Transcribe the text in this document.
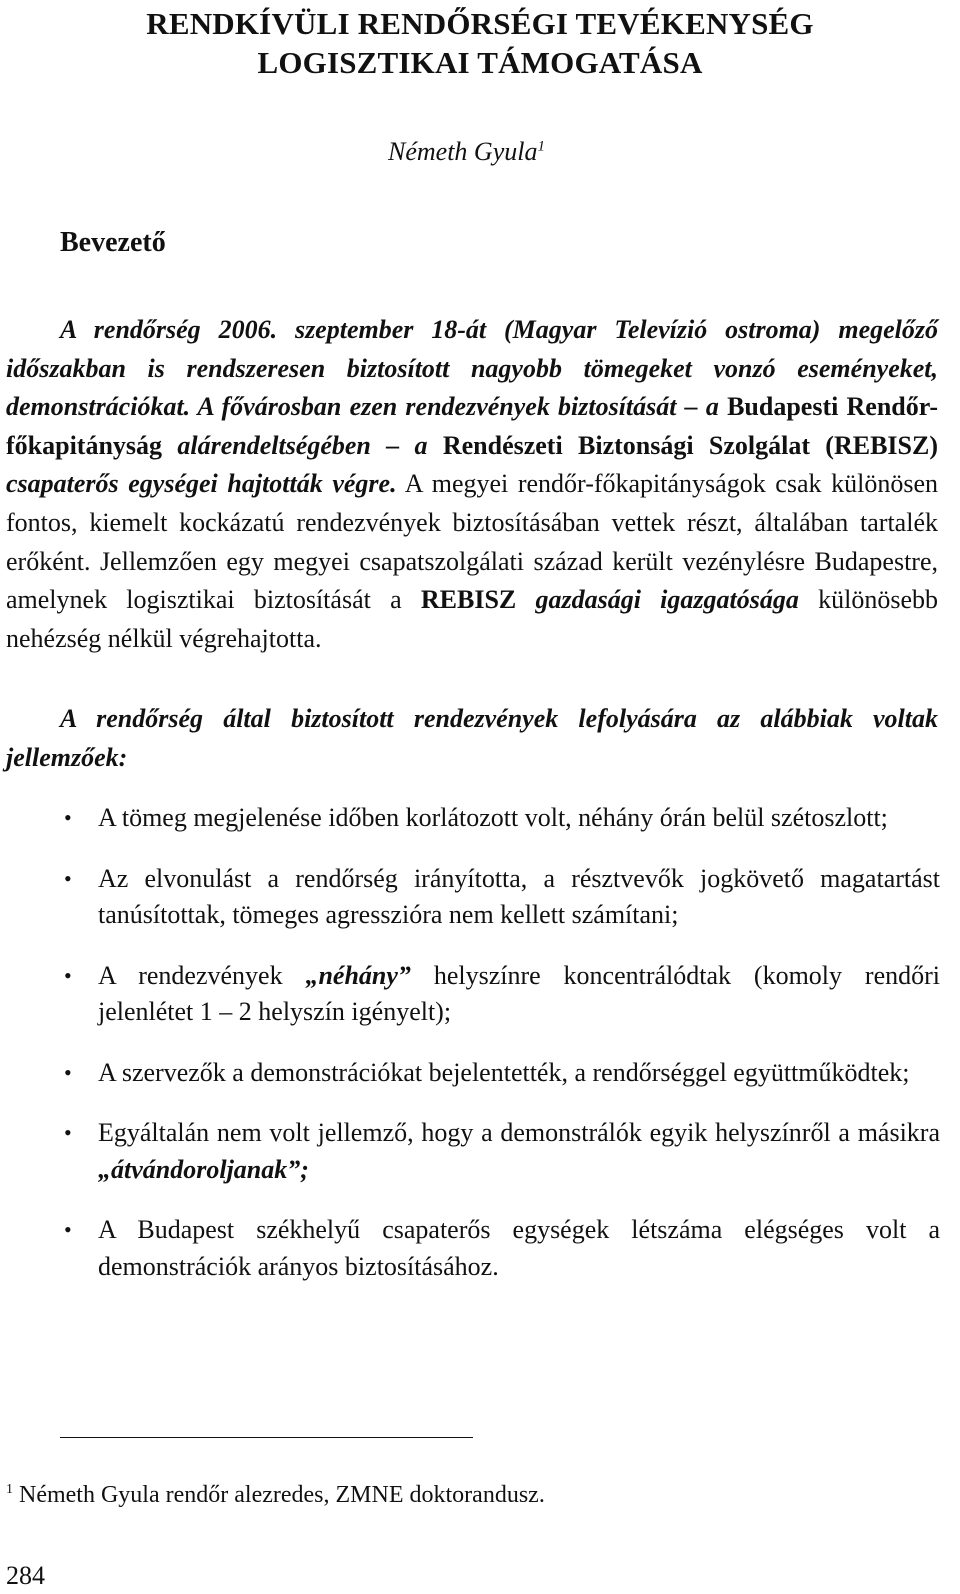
RENDKÍVÜLI RENDŐRSÉGI TEVÉKENYSÉG
LOGISZTIKAI TÁMOGATÁSA
Németh Gyula$^1$
Bevezető

A rendőrség 2006. szeptember 18-át (Magyar Televízió ostroma) megelőző időszakban is rendszeresen biztosított nagyobb tömegeket vonzó eseményeket, demonstrációkat. A fővárosban ezen rendezvények biztosítását – a Budapesti Rendőr-főkapitányság alárendeltségében – a Rendészeti Biztonsági Szolgálat (REBISZ) csapaterős egységei hajtották végre. A megyei rendőr-főkapitányságok csak különösen fontos, kiemelt kockázatú rendezvények biztosításában vettek részt, általában tartalék erőként. Jellemzően egy megyei csapatszolgálati század került vezénylésre Budapestre, amelynek logisztikai biztosítását a REBISZ gazdasági igazgatósága különösebb nehézség nélkül végrehajtotta.

A rendőrség által biztosított rendezvények lefolyására az alábbiak voltak jellemzőek:
• A tömeg megjelenése időben korlátozott volt, néhány órán belül szétoszlott;
• Az elvonulást a rendőrség irányította, a résztvevők jogkövető magatartást tanúsítottak, tömeges agresszióra nem kellett számítani;
• A rendezvények „néhány” helyszínre koncentrálódtak (komoly rendőri jelenlétet 1 – 2 helyszín igényelt);
• A szervezők a demonstrációkat bejelentették, a rendőrséggel együttműködtek;
• Egyáltalán nem volt jellemző, hogy a demonstrálók egyik helyszínről a másikra „átvándoroljanak”;
• A Budapest székhelyű csapaterős egységek létszáma elégséges volt a demonstrációk arányos biztosításához.
$^1$ Németh Gyula rendőr alezredes, ZMNE doktorandusz.
284
